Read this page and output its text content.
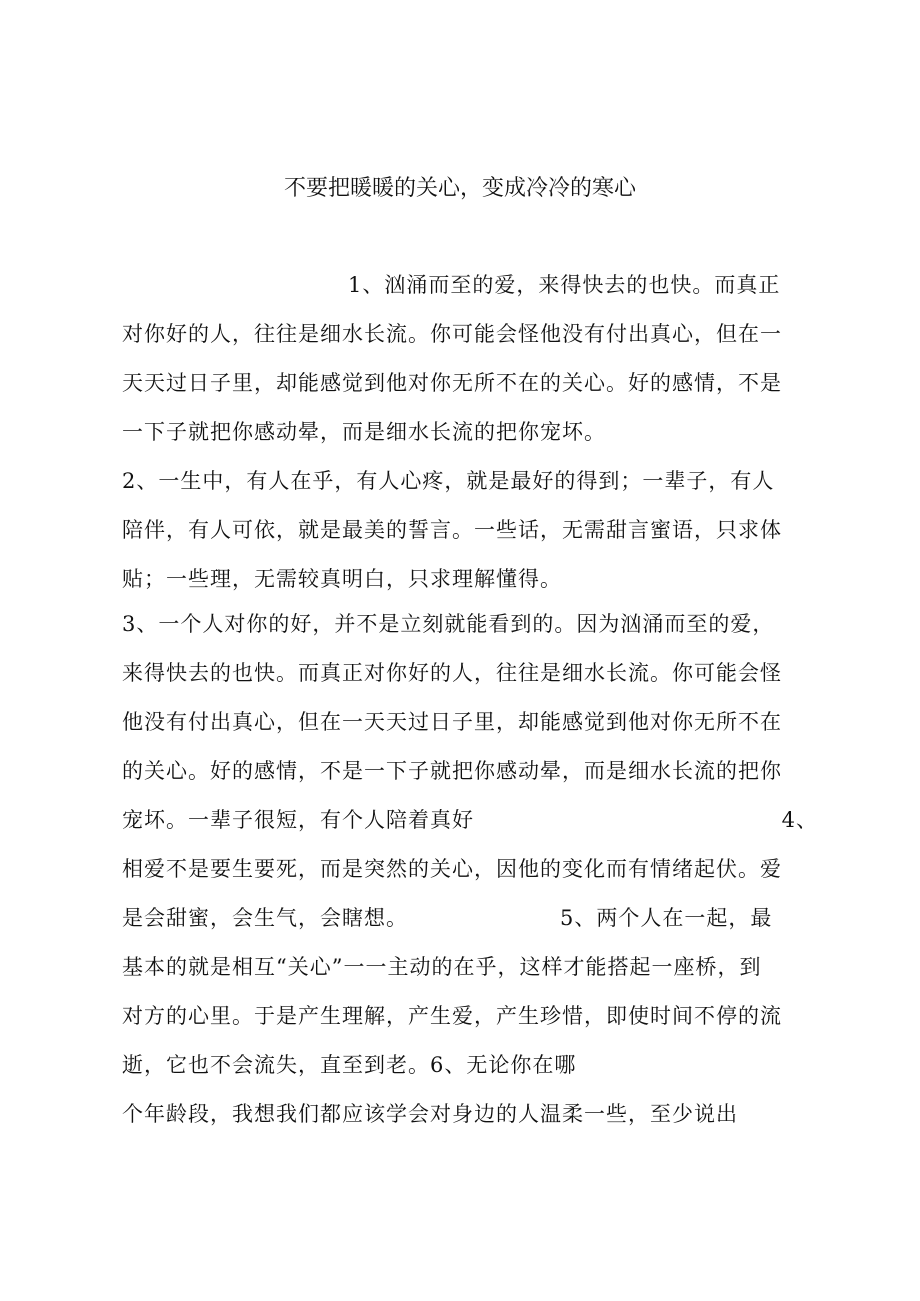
不要把暖暖的关心，变成冷冷的寒心
1、汹涌而至的爱，来得快去的也快。而真正
对你好的人，往往是细水长流。你可能会怪他没有付出真心，但在一
天天过日子里，却能感觉到他对你无所不在的关心。好的感情，不是
一下子就把你感动晕，而是细水长流的把你宠坏。
2、一生中，有人在乎，有人心疼，就是最好的得到；一辈子，有人
陪伴，有人可依，就是最美的誓言。一些话，无需甜言蜜语，只求体
贴；一些理，无需较真明白，只求理解懂得。
3、一个人对你的好，并不是立刻就能看到的。因为汹涌而至的爱，
来得快去的也快。而真正对你好的人，往往是细水长流。你可能会怪
他没有付出真心，但在一天天过日子里，却能感觉到他对你无所不在
的关心。好的感情，不是一下子就把你感动晕，而是细水长流的把你
宠坏。一辈子很短，有个人陪着真好	4、
相爱不是要生要死，而是突然的关心，因他的变化而有情绪起伏。爱
是会甜蜜，会生气，会瞎想。	5、两个人在一起，最
基本的就是相互“关心”一一主动的在乎，这样才能搭起一座桥，到
对方的心里。于是产生理解，产生爱，产生珍惜，即使时间不停的流
逝，它也不会流失，直至到老。6、无论你在哪
个年龄段，我想我们都应该学会对身边的人温柔一些，至少说出
